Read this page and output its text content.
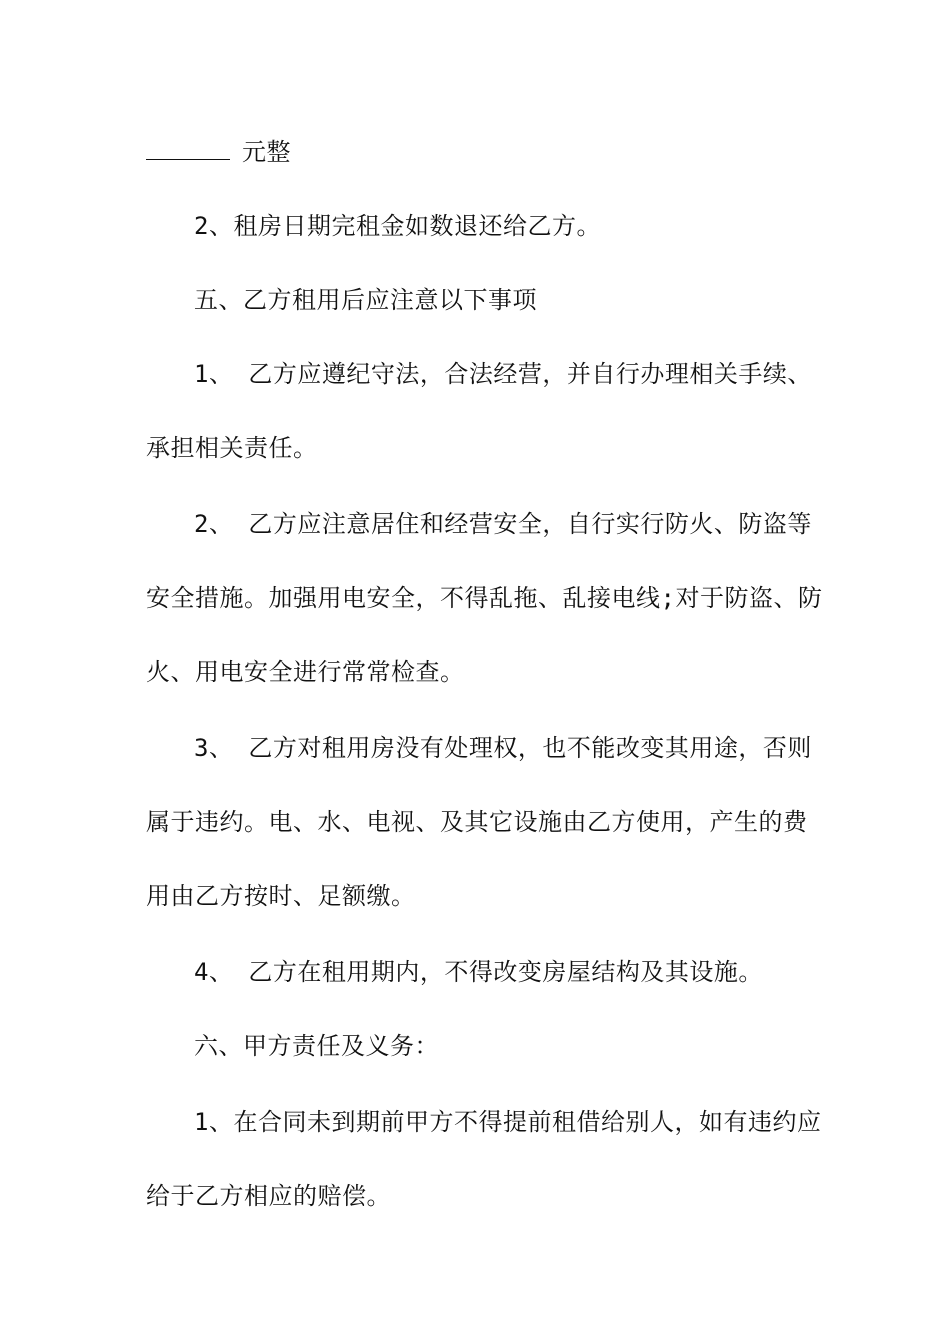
元整
2、租房日期完租金如数退还给乙方。
五、乙方租用后应注意以下事项
1、 乙方应遵纪守法，合法经营，并自行办理相关手续、
承担相关责任。
2、 乙方应注意居住和经营安全，自行实行防火、防盗等
安全措施。加强用电安全，不得乱拖、乱接电线;对于防盗、防
火、用电安全进行常常检查。
3、 乙方对租用房没有处理权，也不能改变其用途，否则
属于违约。电、水、电视、及其它设施由乙方使用，产生的费
用由乙方按时、足额缴。
4、 乙方在租用期内，不得改变房屋结构及其设施。
六、甲方责任及义务：
1、在合同未到期前甲方不得提前租借给别人，如有违约应
给于乙方相应的赔偿。
